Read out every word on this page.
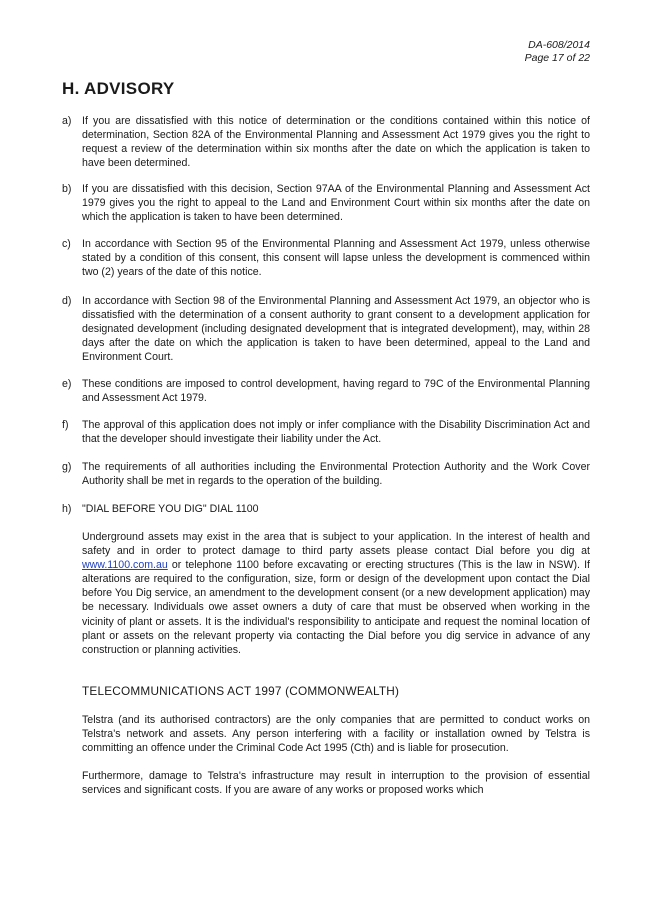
DA-608/2014
Page 17 of 22
H. ADVISORY
a) If you are dissatisfied with this notice of determination or the conditions contained within this notice of determination, Section 82A of the Environmental Planning and Assessment Act 1979 gives you the right to request a review of the determination within six months after the date on which the application is taken to have been determined.
b) If you are dissatisfied with this decision, Section 97AA of the Environmental Planning and Assessment Act 1979 gives you the right to appeal to the Land and Environment Court within six months after the date on which the application is taken to have been determined.
c) In accordance with Section 95 of the Environmental Planning and Assessment Act 1979, unless otherwise stated by a condition of this consent, this consent will lapse unless the development is commenced within two (2) years of the date of this notice.
d) In accordance with Section 98 of the Environmental Planning and Assessment Act 1979, an objector who is dissatisfied with the determination of a consent authority to grant consent to a development application for designated development (including designated development that is integrated development), may, within 28 days after the date on which the application is taken to have been determined, appeal to the Land and Environment Court.
e) These conditions are imposed to control development, having regard to 79C of the Environmental Planning and Assessment Act 1979.
f) The approval of this application does not imply or infer compliance with the Disability Discrimination Act and that the developer should investigate their liability under the Act.
g) The requirements of all authorities including the Environmental Protection Authority and the Work Cover Authority shall be met in regards to the operation of the building.
h) "DIAL BEFORE YOU DIG" DIAL 1100
Underground assets may exist in the area that is subject to your application. In the interest of health and safety and in order to protect damage to third party assets please contact Dial before you dig at www.1100.com.au or telephone 1100 before excavating or erecting structures (This is the law in NSW). If alterations are required to the configuration, size, form or design of the development upon contact the Dial before You Dig service, an amendment to the development consent (or a new development application) may be necessary. Individuals owe asset owners a duty of care that must be observed when working in the vicinity of plant or assets. It is the individual's responsibility to anticipate and request the nominal location of plant or assets on the relevant property via contacting the Dial before you dig service in advance of any construction or planning activities.
TELECOMMUNICATIONS ACT 1997 (COMMONWEALTH)
Telstra (and its authorised contractors) are the only companies that are permitted to conduct works on Telstra's network and assets. Any person interfering with a facility or installation owned by Telstra is committing an offence under the Criminal Code Act 1995 (Cth) and is liable for prosecution.
Furthermore, damage to Telstra's infrastructure may result in interruption to the provision of essential services and significant costs. If you are aware of any works or proposed works which
